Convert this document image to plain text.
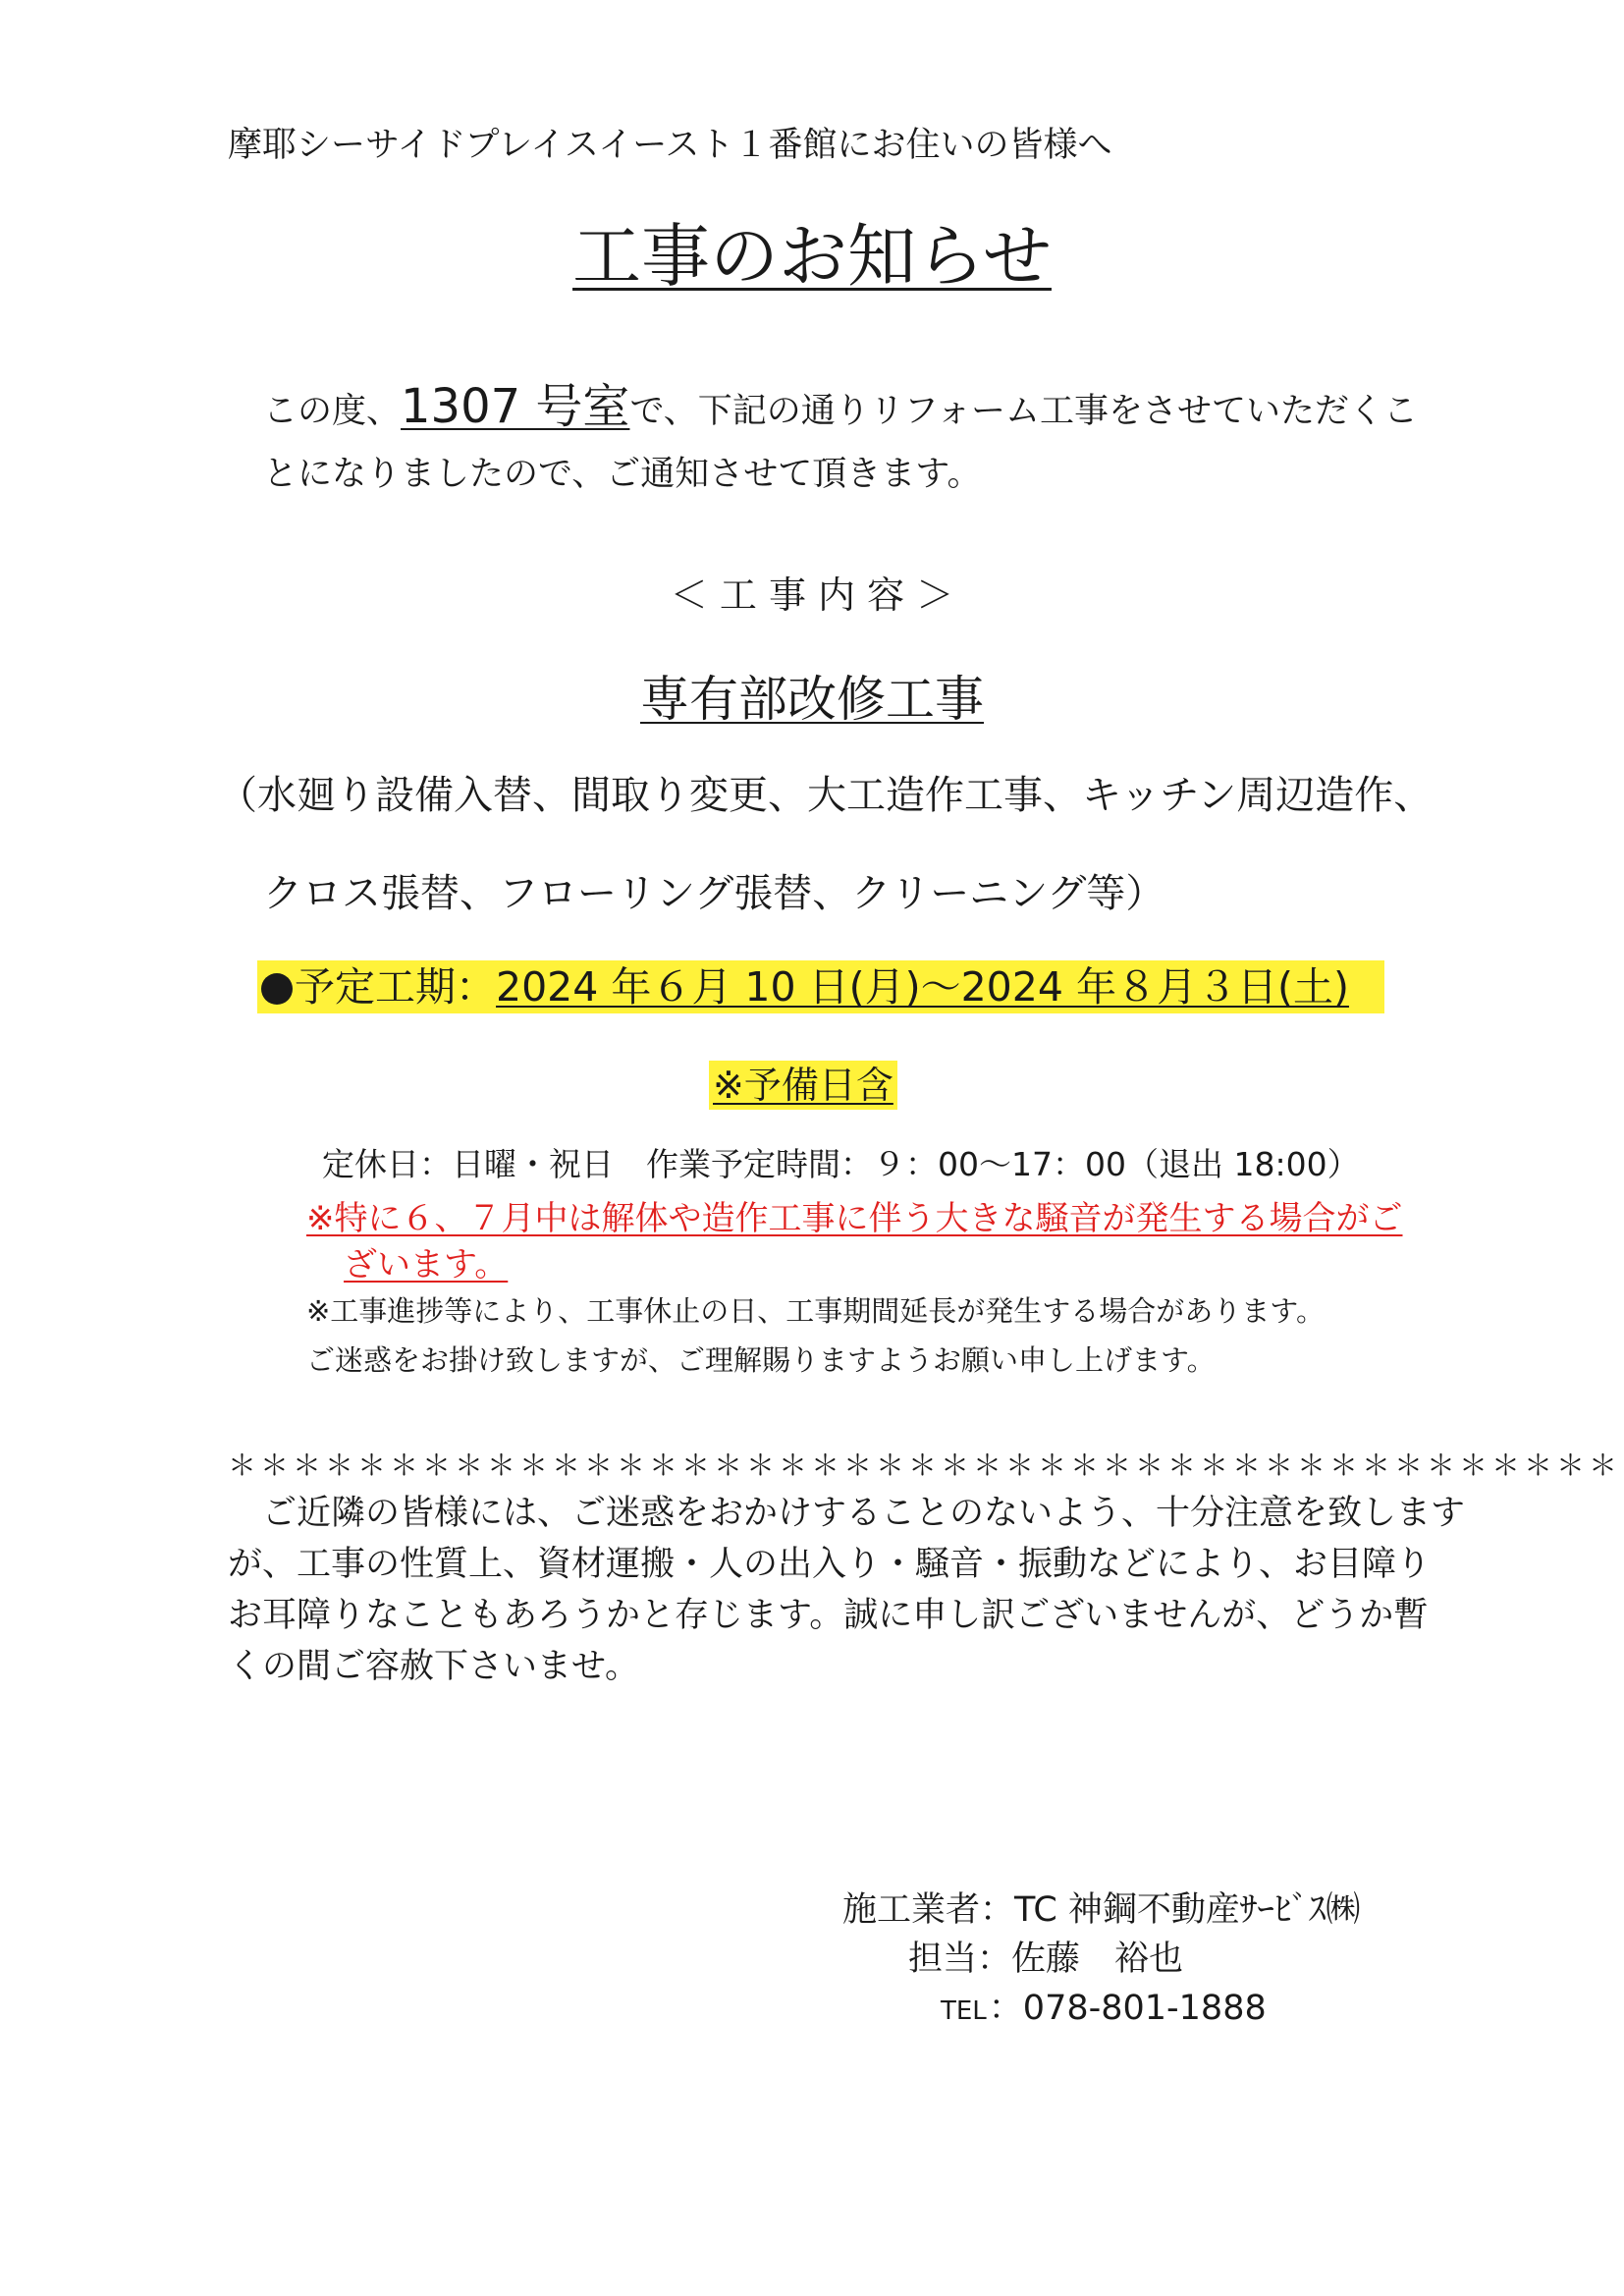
摩耶シーサイドプレイスイースト１番館にお住いの皆様へ
工事のお知らせ
この度、1307 号室で、下記の通りリフォーム工事をさせていただくこ
とになりましたので、ご通知させて頂きます。
＜ 工 事 内 容 ＞
専有部改修工事
（水廻り設備入替、間取り変更、大工造作工事、キッチン周辺造作、
クロス張替、フローリング張替、クリーニング等）
予定工期：2024 年６月 10 日(月)～2024 年８月３日(土)
※予備日含
定休日：日曜・祝日　作業予定時間：９：00～17：00（退出 18:00）
※特に６、７月中は解体や造作工事に伴う大きな騒音が発生する場合がご
ざいます。
※工事進捗等により、工事休止の日、工事期間延長が発生する場合があります。
ご迷惑をお掛け致しますが、ご理解賜りますようお願い申し上げます。
＊＊＊＊＊＊＊＊＊＊＊＊＊＊＊＊＊＊＊＊＊＊＊＊＊＊＊＊＊＊＊＊＊＊＊＊＊＊＊＊＊＊＊
　ご近隣の皆様には、ご迷惑をおかけすることのないよう、十分注意を致します
が、工事の性質上、資材運搬・人の出入り・騒音・振動などにより、お目障り
お耳障りなこともあろうかと存じます。誠に申し訳ございませんが、どうか暫
くの間ご容赦下さいませ。
施工業者：TC 神鋼不動産ｻｰﾋﾞｽ㈱
担当：佐藤　裕也
TEL：078-801-1888
